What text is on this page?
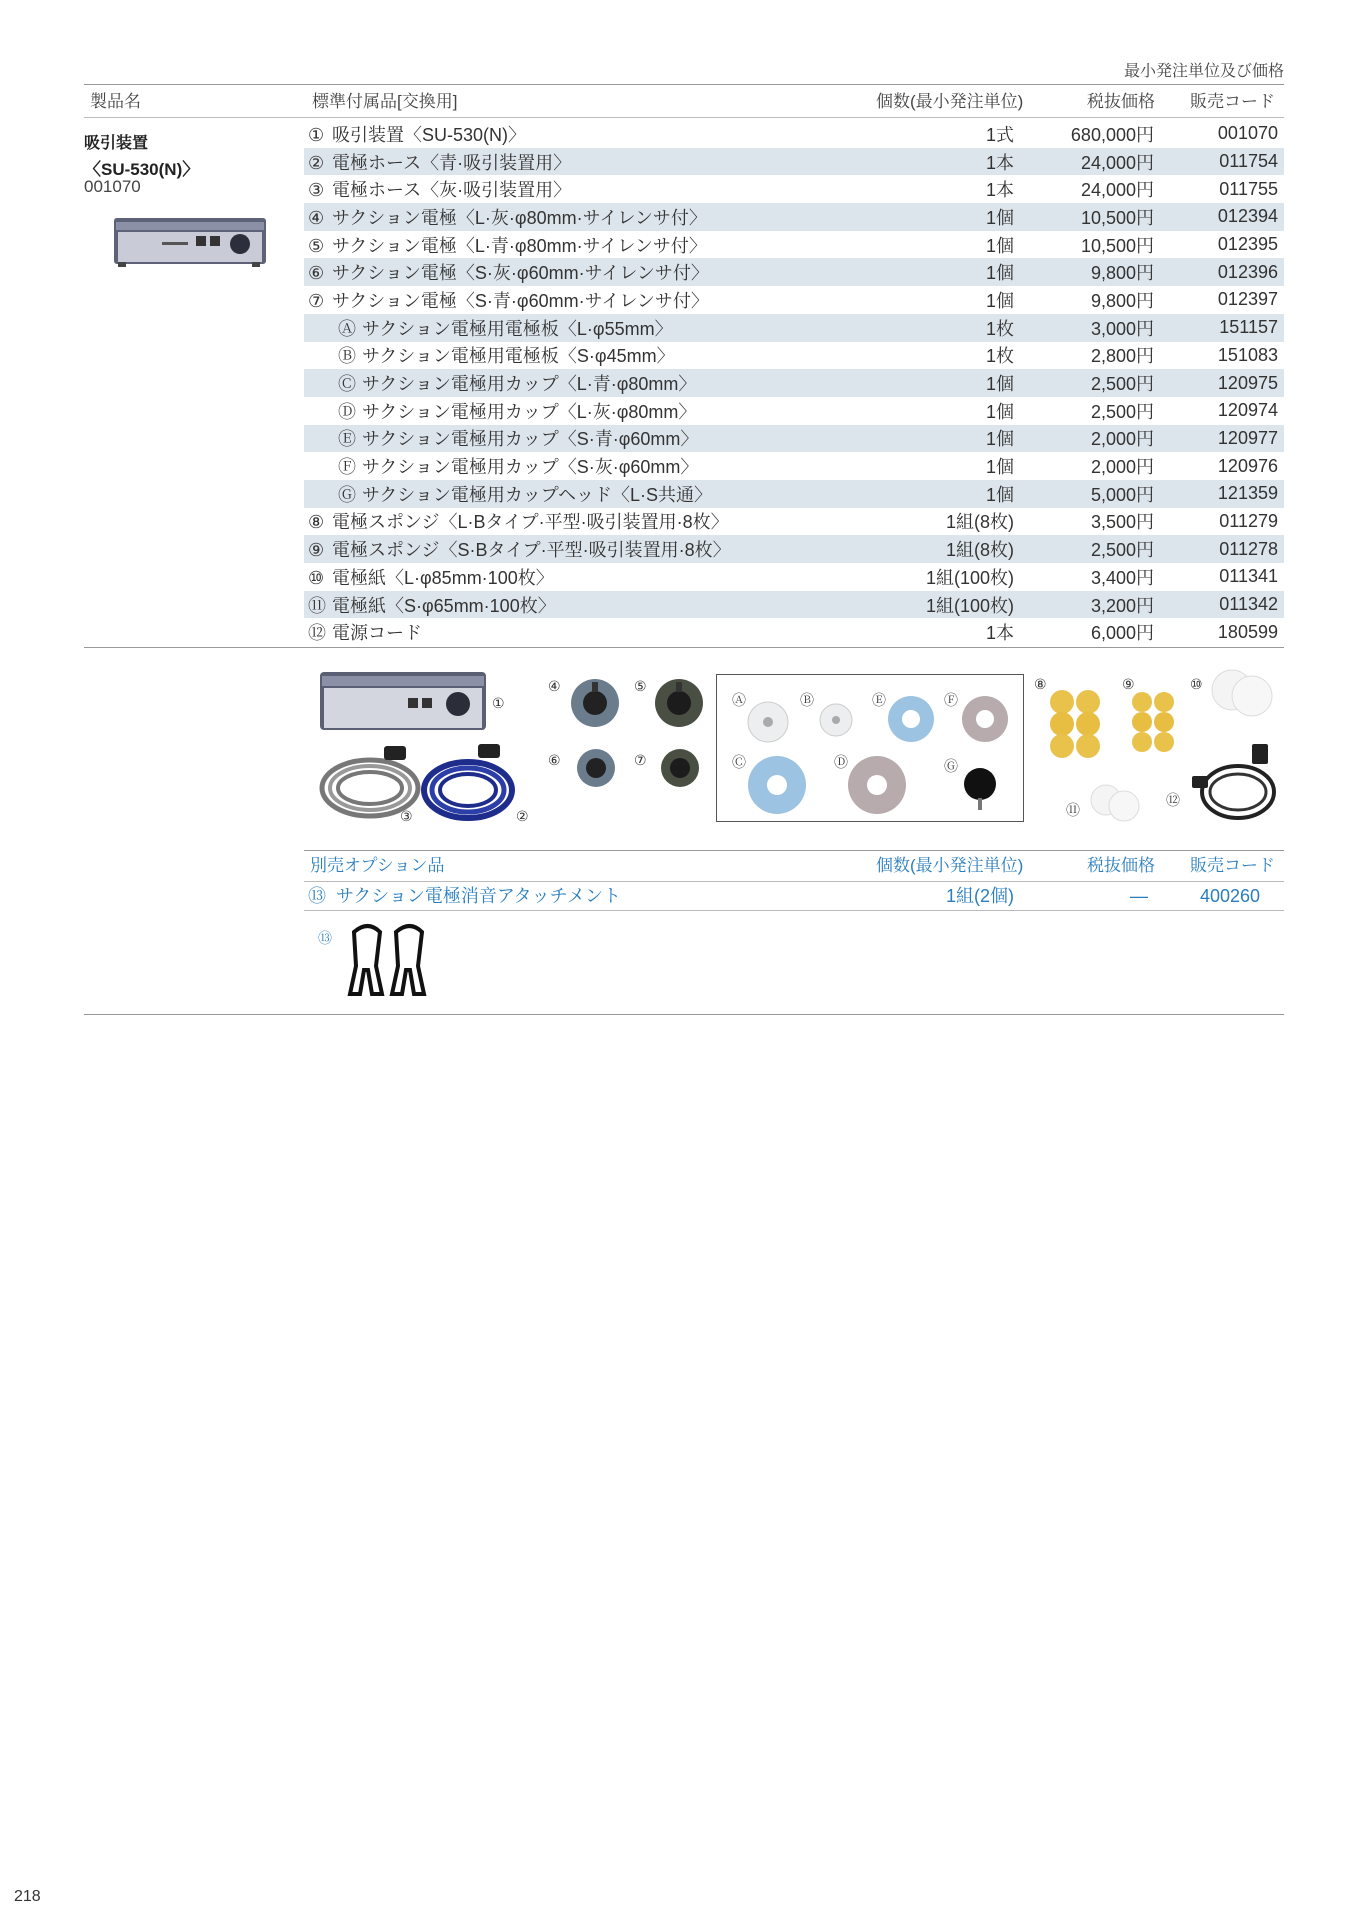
最小発注単位及び価格
製品名	標準付属品[交換用]	個数(最小発注単位)	税抜価格 販売コード
吸引装置
〈SU-530(N)〉
001070
① 吸引装置〈SU-530(N)〉	1式	680,000円	001070
② 電極ホース〈青·吸引装置用〉	1本	24,000円	011754
③ 電極ホース〈灰·吸引装置用〉	1本	24,000円	011755
④ サクション電極〈L·灰·φ80mm·サイレンサ付〉	1個	10,500円	012394
⑤ サクション電極〈L·青·φ80mm·サイレンサ付〉	1個	10,500円	012395
⑥ サクション電極〈S·灰·φ60mm·サイレンサ付〉	1個	9,800円	012396
⑦ サクション電極〈S·青·φ60mm·サイレンサ付〉	1個	9,800円	012397
Ⓐ サクション電極用電極板〈L·φ55mm〉	1枚	3,000円	151157
Ⓑ サクション電極用電極板〈S·φ45mm〉	1枚	2,800円	151083
Ⓒ サクション電極用カップ〈L·青·φ80mm〉	1個	2,500円	120975
Ⓓ サクション電極用カップ〈L·灰·φ80mm〉	1個	2,500円	120974
Ⓔ サクション電極用カップ〈S·青·φ60mm〉	1個	2,000円	120977
Ⓕ サクション電極用カップ〈S·灰·φ60mm〉	1個	2,000円	120976
Ⓖ サクション電極用カップヘッド〈L·S共通〉	1個	5,000円	121359
⑧ 電極スポンジ〈L·Bタイプ·平型·吸引装置用·8枚〉	1組(8枚)	3,500円	011279
⑨ 電極スポンジ〈S·Bタイプ·平型·吸引装置用·8枚〉	1組(8枚)	2,500円	011278
⑩ 電極紙〈L·φ85mm·100枚〉	1組(100枚)	3,400円	011341
⑪ 電極紙〈S·φ65mm·100枚〉	1組(100枚)	3,200円	011342
⑫ 電源コード	1本	6,000円	180599
①
③	②
④	⑤
⑥	⑦
Ⓐ	Ⓑ	Ⓔ	Ⓕ
Ⓒ	Ⓓ	Ⓖ
⑧	⑨	⑩
⑪
⑫
別売オプション品	個数(最小発注単位)	税抜価格 販売コード
⑬ サクション電極消音アタッチメント	1組(2個)	—	400260
⑬
218
